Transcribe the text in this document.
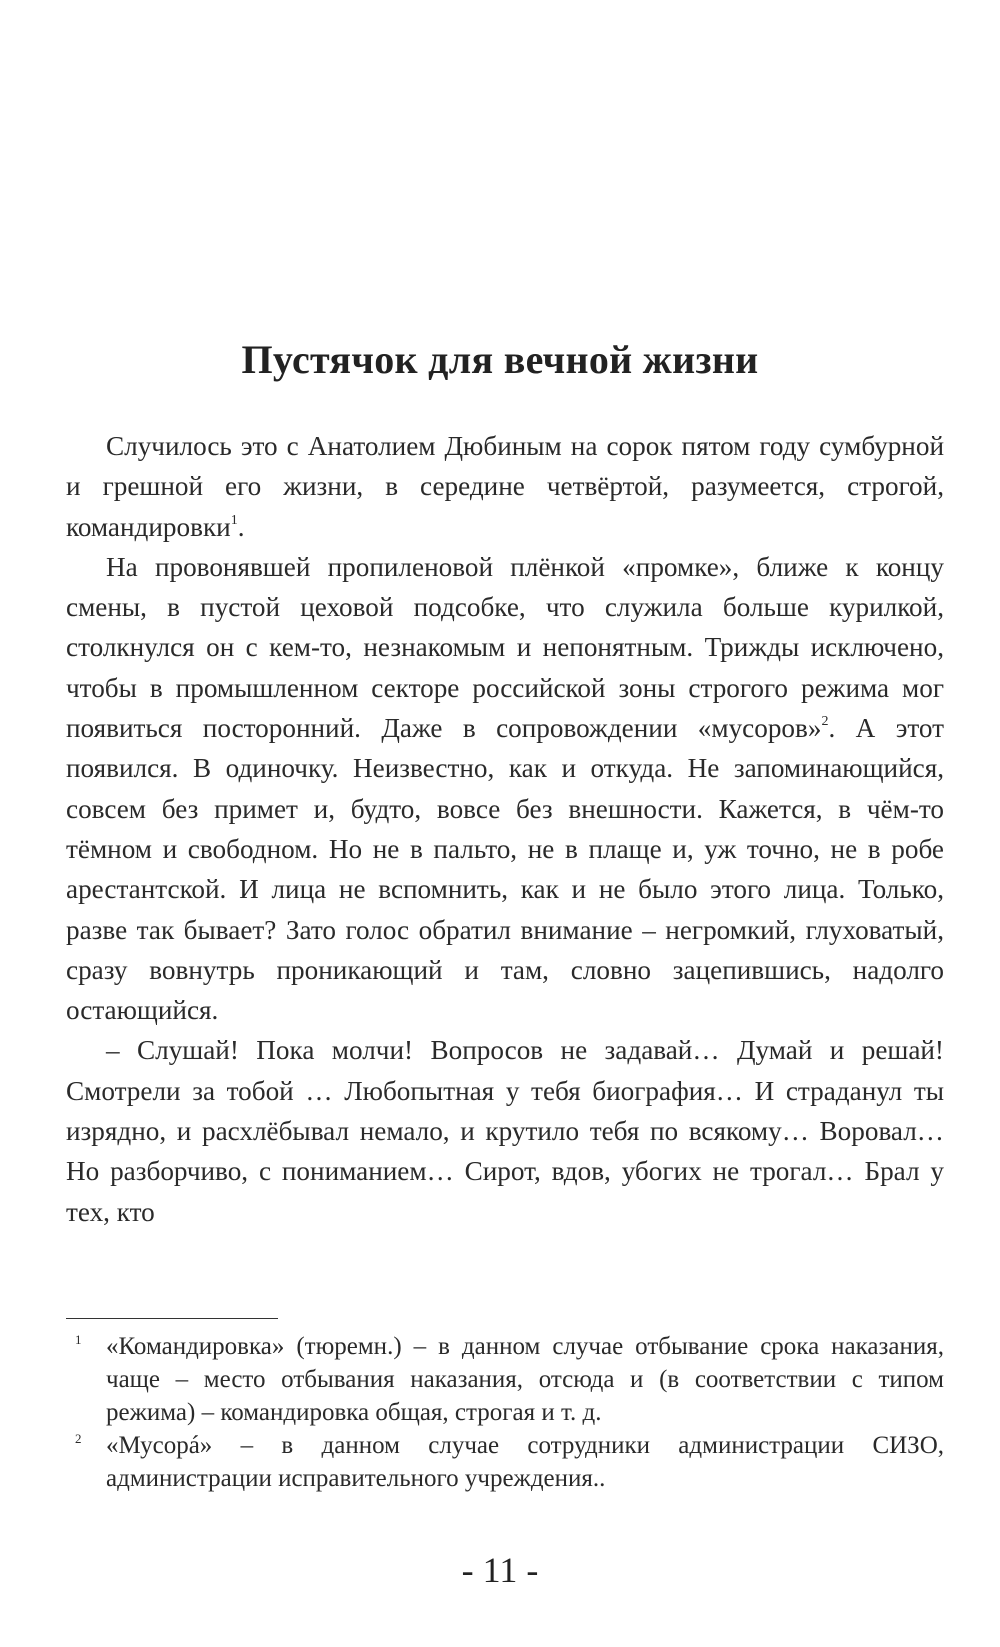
Пустячок для вечной жизни

Случилось это с Анатолием Дюбиным на сорок пятом году сумбурной и грешной его жизни, в середине четвёртой, разумеется, строгой, командировки$^1$.

На провонявшей пропиленовой плёнкой «промке», ближе к концу смены, в пустой цеховой подсобке, что служила больше курилкой, столкнулся он с кем-то, незнакомым и непонятным. Трижды исключено, чтобы в промышленном секторе российской зоны строгого режима мог появиться посторонний. Даже в сопровождении «мусоров»$^2$. А этот появился. В одиночку. Неизвестно, как и откуда. Не запоминающийся, совсем без примет и, будто, вовсе без внешности. Кажется, в чём-то тёмном и свободном. Но не в пальто, не в плаще и, уж точно, не в робе арестантской. И лица не вспомнить, как и не было этого лица. Только, разве так бывает? Зато голос обратил внимание – негромкий, глуховатый, сразу вовнутрь проникающий и там, словно зацепившись, надолго остающийся.

– Слушай! Пока молчи! Вопросов не задавай… Думай и решай! Смотрели за тобой … Любопытная у тебя биография… И страданул ты изрядно, и расхлёбывал немало, и крутило тебя по всякому… Воровал… Но разборчиво, с пониманием… Сирот, вдов, убогих не трогал… Брал у тех, кто

1 «Командировка» (тюремн.) – в данном случае отбывание срока наказания, чаще – место отбывания наказания, отсюда и (в соответствии с типом режима) – командировка общая, строгая и т. д.
2 «Мусорá» – в данном случае сотрудники администрации СИЗО, администрации исправительного учреждения..
- 11 -
